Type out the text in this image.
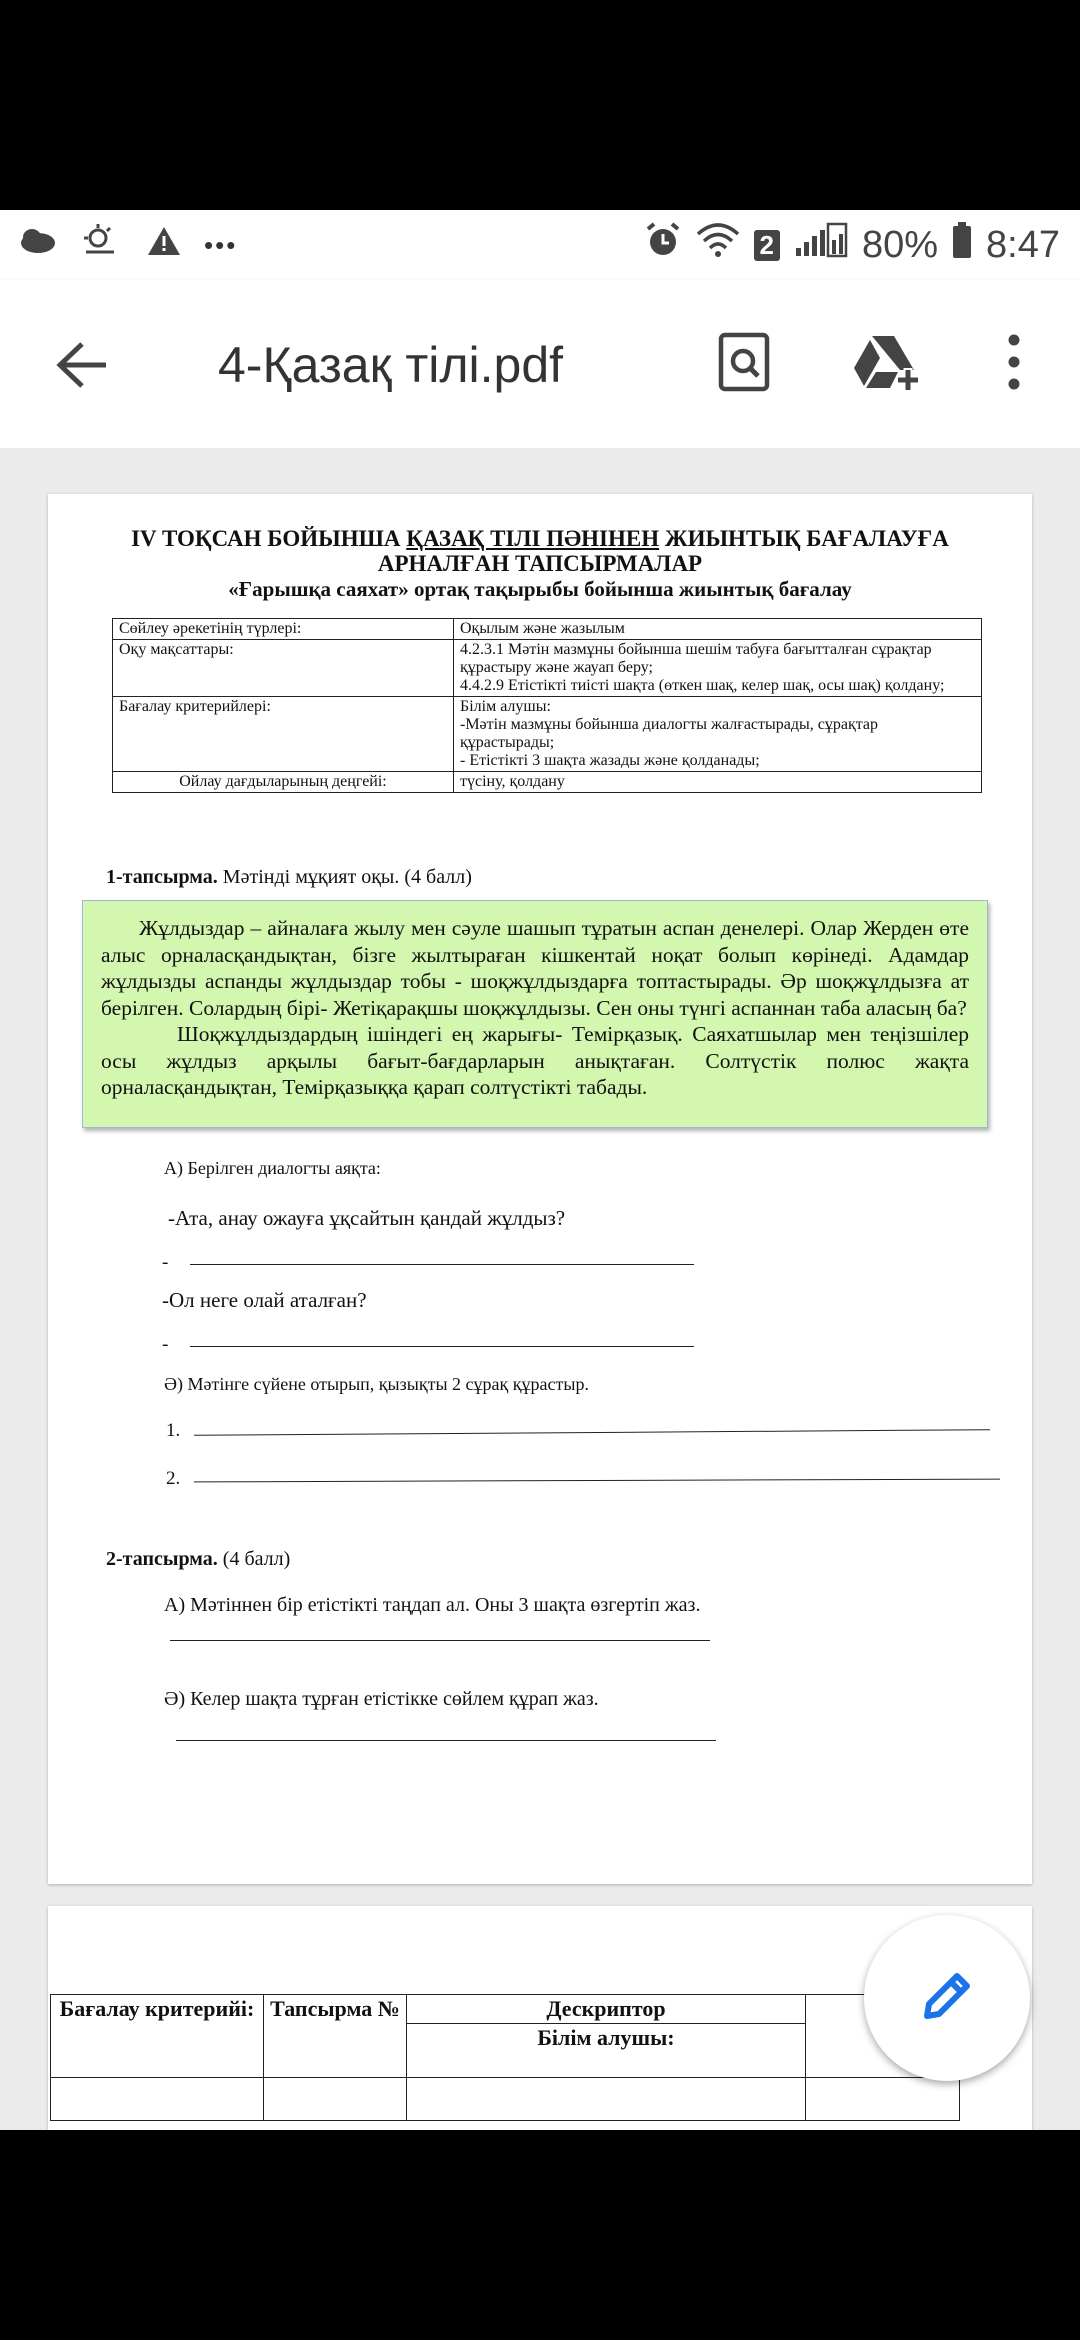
•••	2 80% 8:47
4-Қазақ тілі.pdf
IV ТОҚСАН БОЙЫНША ҚАЗАҚ ТІЛІ ПӘНІНЕН ЖИЫНТЫҚ БАҒАЛАУҒА
АРНАЛҒАН ТАПСЫРМАЛАР
«Ғарышқа саяхат» ортақ тақырыбы бойынша жиынтық бағалау
Сөйлеу әрекетінің түрлері:	Оқылым және жазылым
Оқу мақсаттары:	4.2.3.1 Мәтін мазмұны бойынша шешім табуға бағытталған сұрақтар құрастыру және жауап беру;
4.4.2.9 Етістікті тиісті шақта (өткен шақ, келер шақ, осы шақ) қолдану;

Бағалау критерийлері:	Білім алушы:
-Мәтін мазмұны бойынша диалогты жалғастырады, сұрақтар құрастырады;
- Етістікті 3 шақта жазады және қолданады;

Ойлау дағдыларының деңгейі:	түсіну, қолдану
1-тапсырма. Мәтінді мұқият оқы. (4 балл)

Жұлдыздар – айналаға жылу мен сәуле шашып тұратын аспан денелері. Олар Жерден өте алыс орналасқандықтан, бізге жылтыраған кішкентай ноқат болып көрінеді. Адамдар жұлдызды аспанды жұлдыздар тобы - шоқжұлдыздарға топтастырады. Әр шоқжұлдызға ат берілген. Солардың бірі- Жетіқарақшы шоқжұлдызы. Сен оны түнгі аспаннан таба аласың ба?

Шоқжұлдыздардың ішіндегі ең жарығы- Темірқазық. Саяхатшылар мен теңізшілер осы жұлдыз арқылы бағыт-бағдарларын анықтаған. Солтүстік полюс жақта орналасқандықтан, Темірқазыққа қарап солтүстікті табады.

А) Берілген диалогты аяқта:
-Ата, анау ожауға ұқсайтын қандай жұлдыз?
-
-Ол неге олай аталған?
-
Ә) Мәтінге сүйене отырып, қызықты 2 сұрақ құрастыр.
1.
2.
2-тапсырма. (4 балл)
А) Мәтіннен бір етістікті таңдап ал. Оны 3 шақта өзгертіп жаз.
Ә) Келер шақта тұрған етістікке сөйлем құрап жаз.
Бағалау критерийі:	Тапсырма №	Дескриптор	
		Білім алушы:	
